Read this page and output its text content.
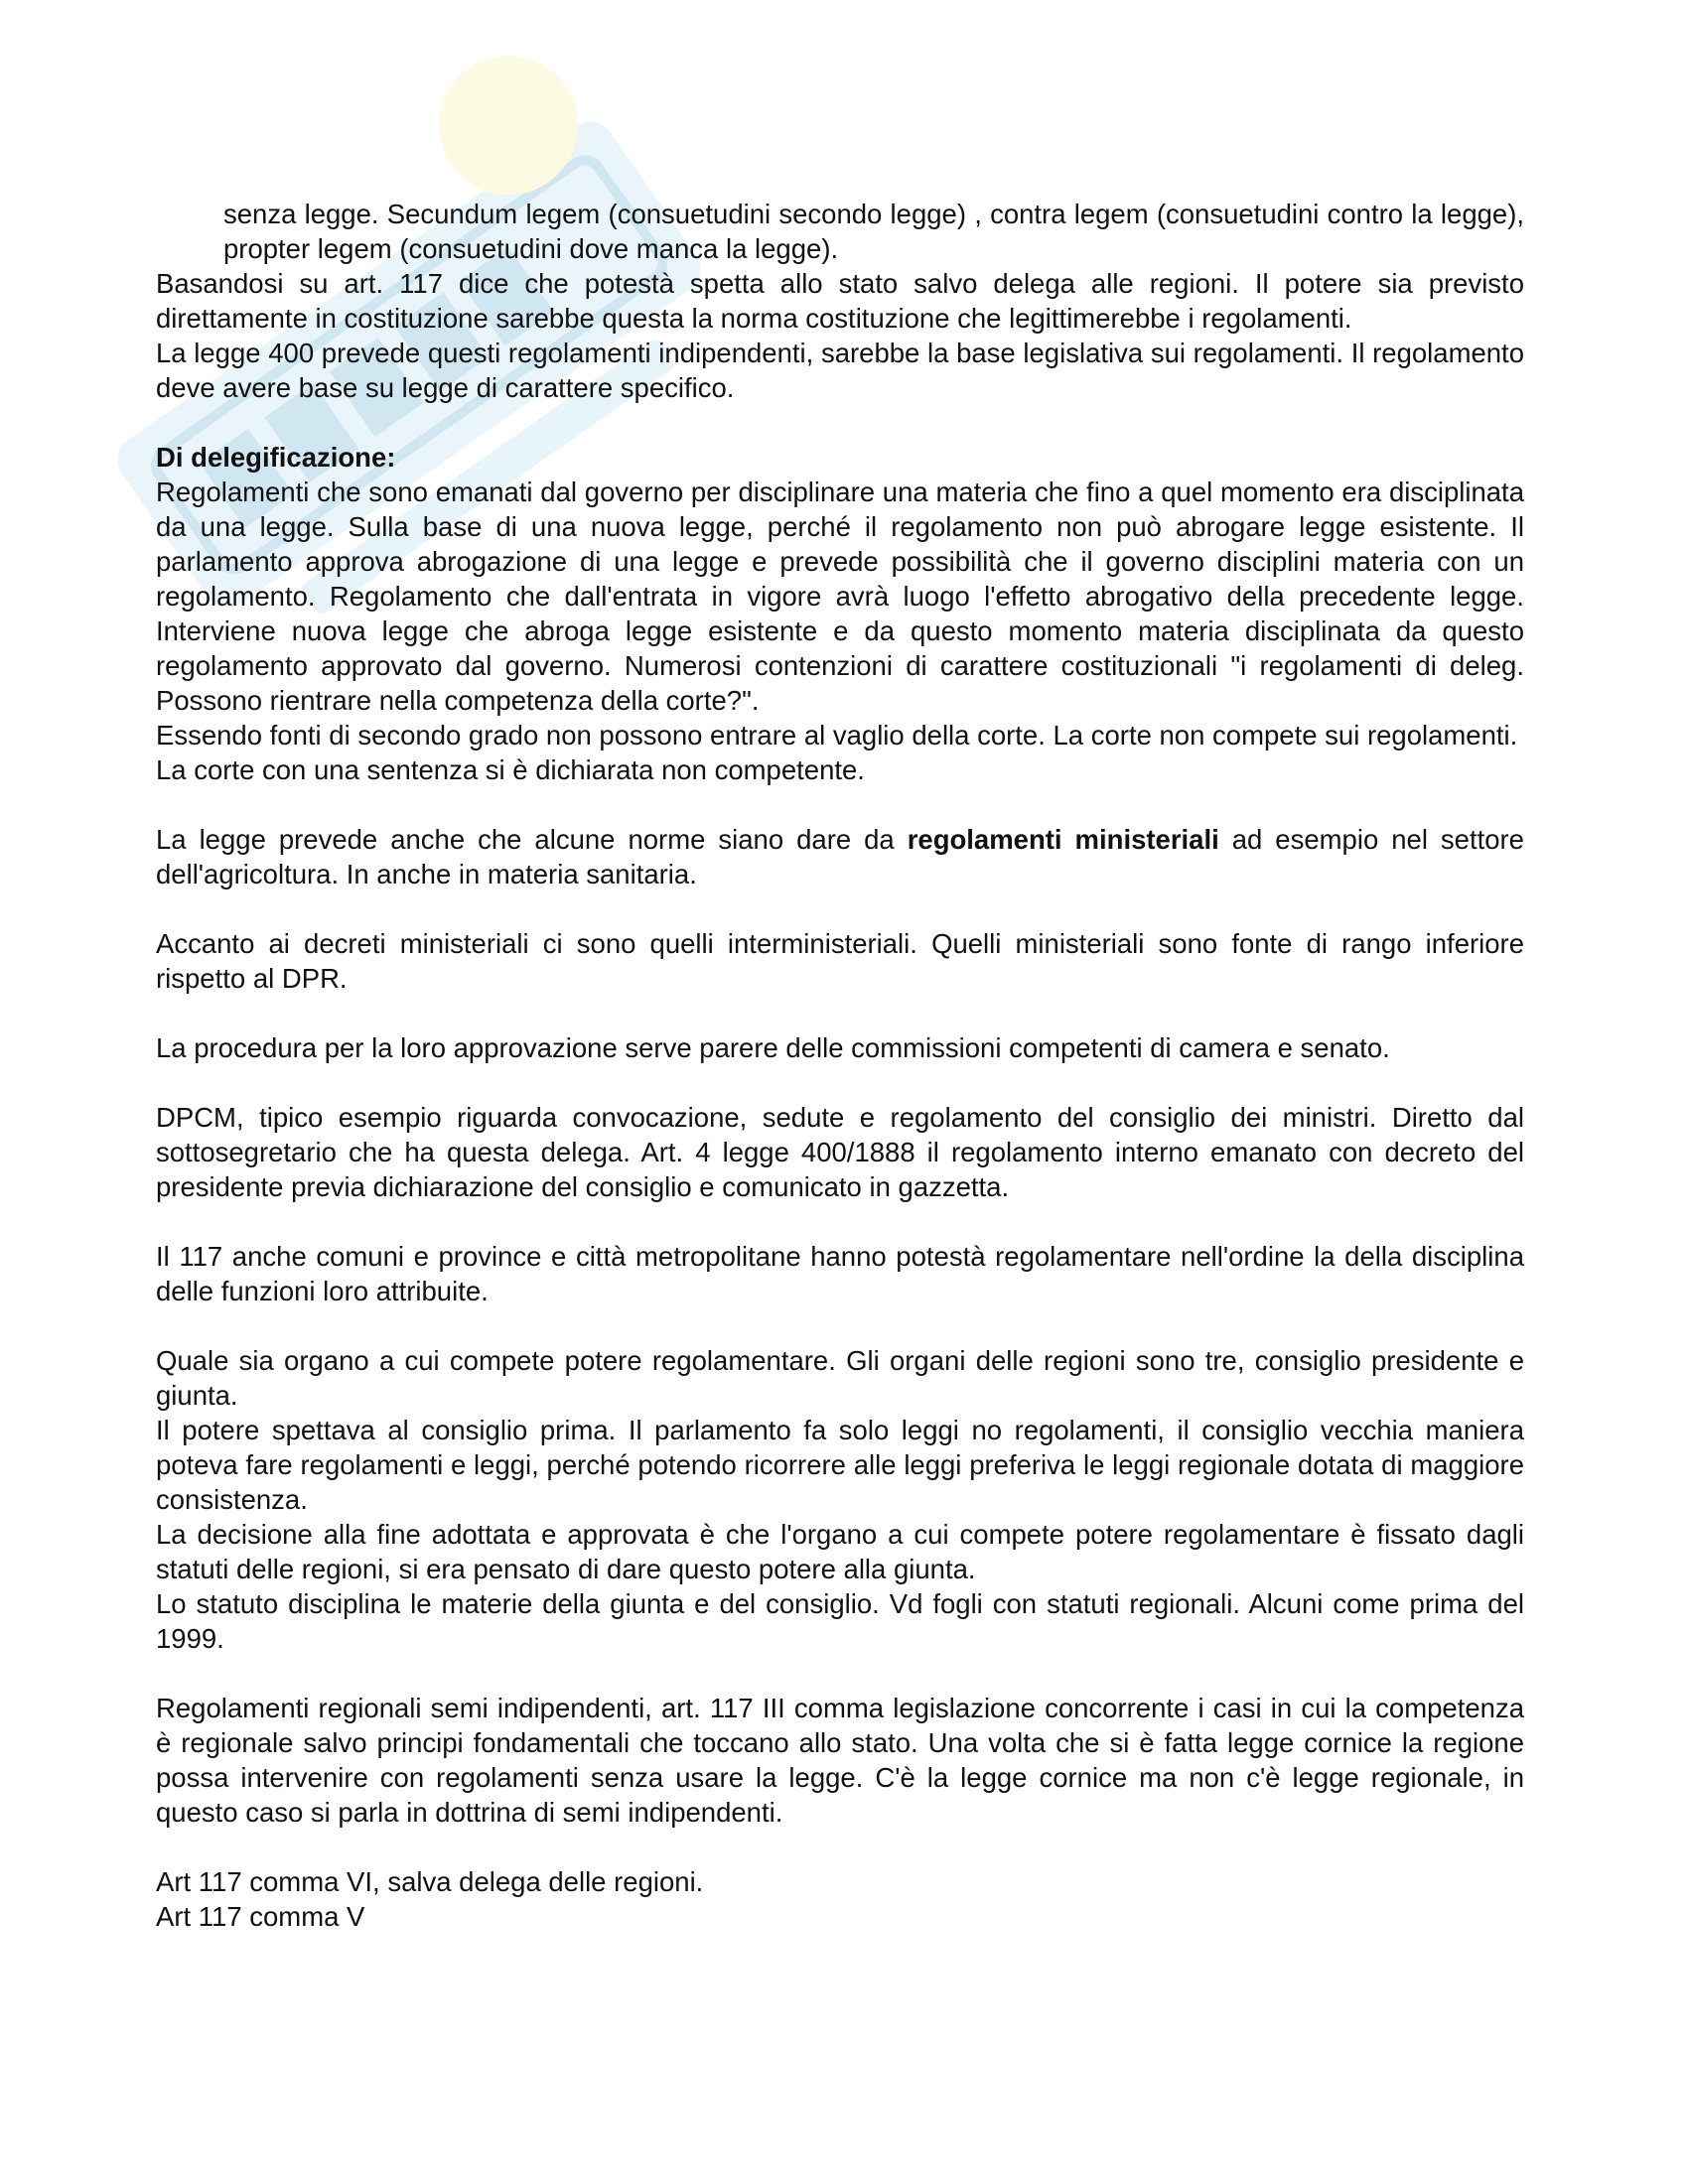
senza legge. Secundum legem (consuetudini secondo legge) , contra legem (consuetudini contro la legge), propter legem (consuetudini dove manca la legge).

Basandosi su art. 117 dice che potestà spetta allo stato salvo delega alle regioni. Il potere sia previsto direttamente in costituzione sarebbe questa la norma costituzione che legittimerebbe i regolamenti.

La legge 400 prevede questi regolamenti indipendenti, sarebbe la base legislativa sui regolamenti. Il regolamento deve avere base su legge di carattere specifico.

Di delegificazione:

Regolamenti che sono emanati dal governo per disciplinare una materia che fino a quel momento era disciplinata da una legge. Sulla base di una nuova legge, perché il regolamento non può abrogare legge esistente. Il parlamento approva abrogazione di una legge e prevede possibilità che il governo disciplini materia con un regolamento. Regolamento che dall'entrata in vigore avrà luogo l'effetto abrogativo della precedente legge. Interviene nuova legge che abroga legge esistente e da questo momento materia disciplinata da questo regolamento approvato dal governo. Numerosi contenzioni di carattere costituzionali "i regolamenti di deleg. Possono rientrare nella competenza della corte?".

Essendo fonti di secondo grado non possono entrare al vaglio della corte. La corte non compete sui regolamenti.

La corte con una sentenza si è dichiarata non competente.

La legge prevede anche che alcune norme siano dare da regolamenti ministeriali ad esempio nel settore dell'agricoltura. In anche in materia sanitaria.

Accanto ai decreti ministeriali ci sono quelli interministeriali. Quelli ministeriali sono fonte di rango inferiore rispetto al DPR.

La procedura per la loro approvazione serve parere delle commissioni competenti di camera e senato.

DPCM, tipico esempio riguarda convocazione, sedute e regolamento del consiglio dei ministri. Diretto dal sottosegretario che ha questa delega. Art. 4 legge 400/1888 il regolamento interno emanato con decreto del presidente previa dichiarazione del consiglio e comunicato in gazzetta.

Il 117 anche comuni e province e città metropolitane hanno potestà regolamentare nell'ordine la della disciplina delle funzioni loro attribuite.

Quale sia organo a cui compete potere regolamentare. Gli organi delle regioni sono tre, consiglio presidente e giunta.

Il potere spettava al consiglio prima. Il parlamento fa solo leggi no regolamenti, il consiglio vecchia maniera poteva fare regolamenti e leggi, perché potendo ricorrere alle leggi preferiva le leggi regionale dotata di maggiore consistenza.

La decisione alla fine adottata e approvata è che l'organo a cui compete potere regolamentare è fissato dagli statuti delle regioni, si era pensato di dare questo potere alla giunta.

Lo statuto disciplina le materie della giunta e del consiglio. Vd fogli con statuti regionali. Alcuni come prima del 1999.

Regolamenti regionali semi indipendenti, art. 117 III comma legislazione concorrente i casi in cui la competenza è regionale salvo principi fondamentali che toccano allo stato. Una volta che si è fatta legge cornice la regione possa intervenire con regolamenti senza usare la legge. C'è la legge cornice ma non c'è legge regionale, in questo caso si parla in dottrina di semi indipendenti.

Art 117 comma VI, salva delega delle regioni.

Art 117 comma V
